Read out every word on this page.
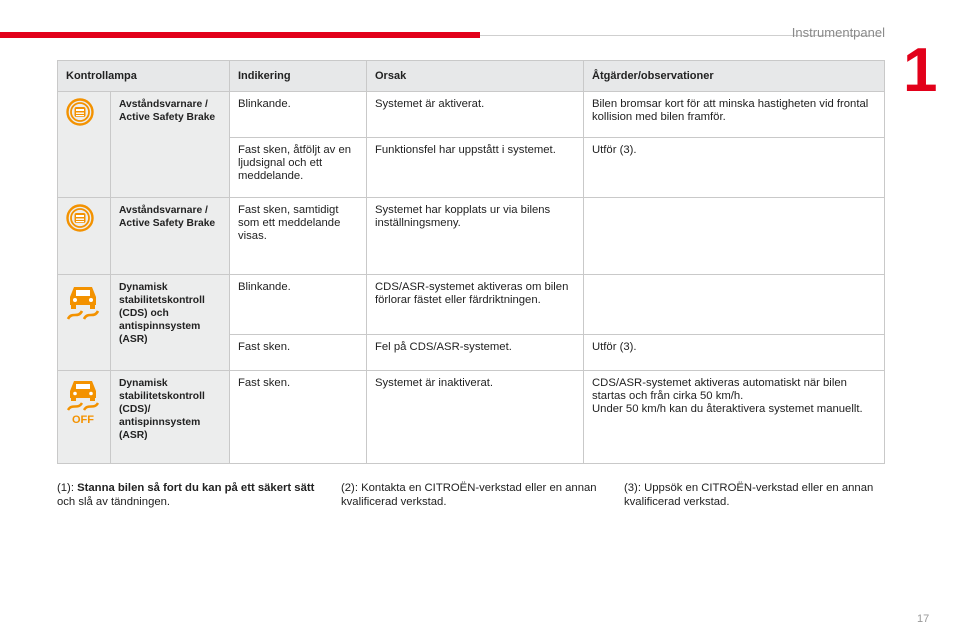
Instrumentpanel
1
Kontrollampa		Indikering	Orsak	Åtgärder/observationer

	Avståndsvarnare / Active Safety Brake	Blinkande.	Systemet är aktiverat.	Bilen bromsar kort för att minska hastigheten vid frontal kollision med bilen framför.
		Fast sken, åtföljt av en ljudsignal och ett meddelande.	Funktionsfel har uppstått i systemet.	Utför (3).

	Avståndsvarnare / Active Safety Brake	Fast sken, samtidigt som ett meddelande visas.	Systemet har kopplats ur via bilens inställningsmeny.	

	Dynamisk stabilitetskontroll (CDS) och antispinnsystem (ASR)	Blinkande.	CDS/ASR-systemet aktiveras om bilen förlorar fästet eller färdriktningen.	
		Fast sken.	Fel på CDS/ASR-systemet.	Utför (3).

OFF	Dynamisk stabilitetskontroll (CDS)/ antispinnsystem (ASR)	Fast sken.	Systemet är inaktiverat.	CDS/ASR-systemet aktiveras automatiskt när bilen startas och från cirka 50 km/h.
Under 50 km/h kan du återaktivera systemet manuellt.
(1): Stanna bilen så fort du kan på ett säkert sätt och slå av tändningen.
(2): Kontakta en CITROËN-verkstad eller en annan kvalificerad verkstad.
(3): Uppsök en CITROËN-verkstad eller en annan kvalificerad verkstad.
17
